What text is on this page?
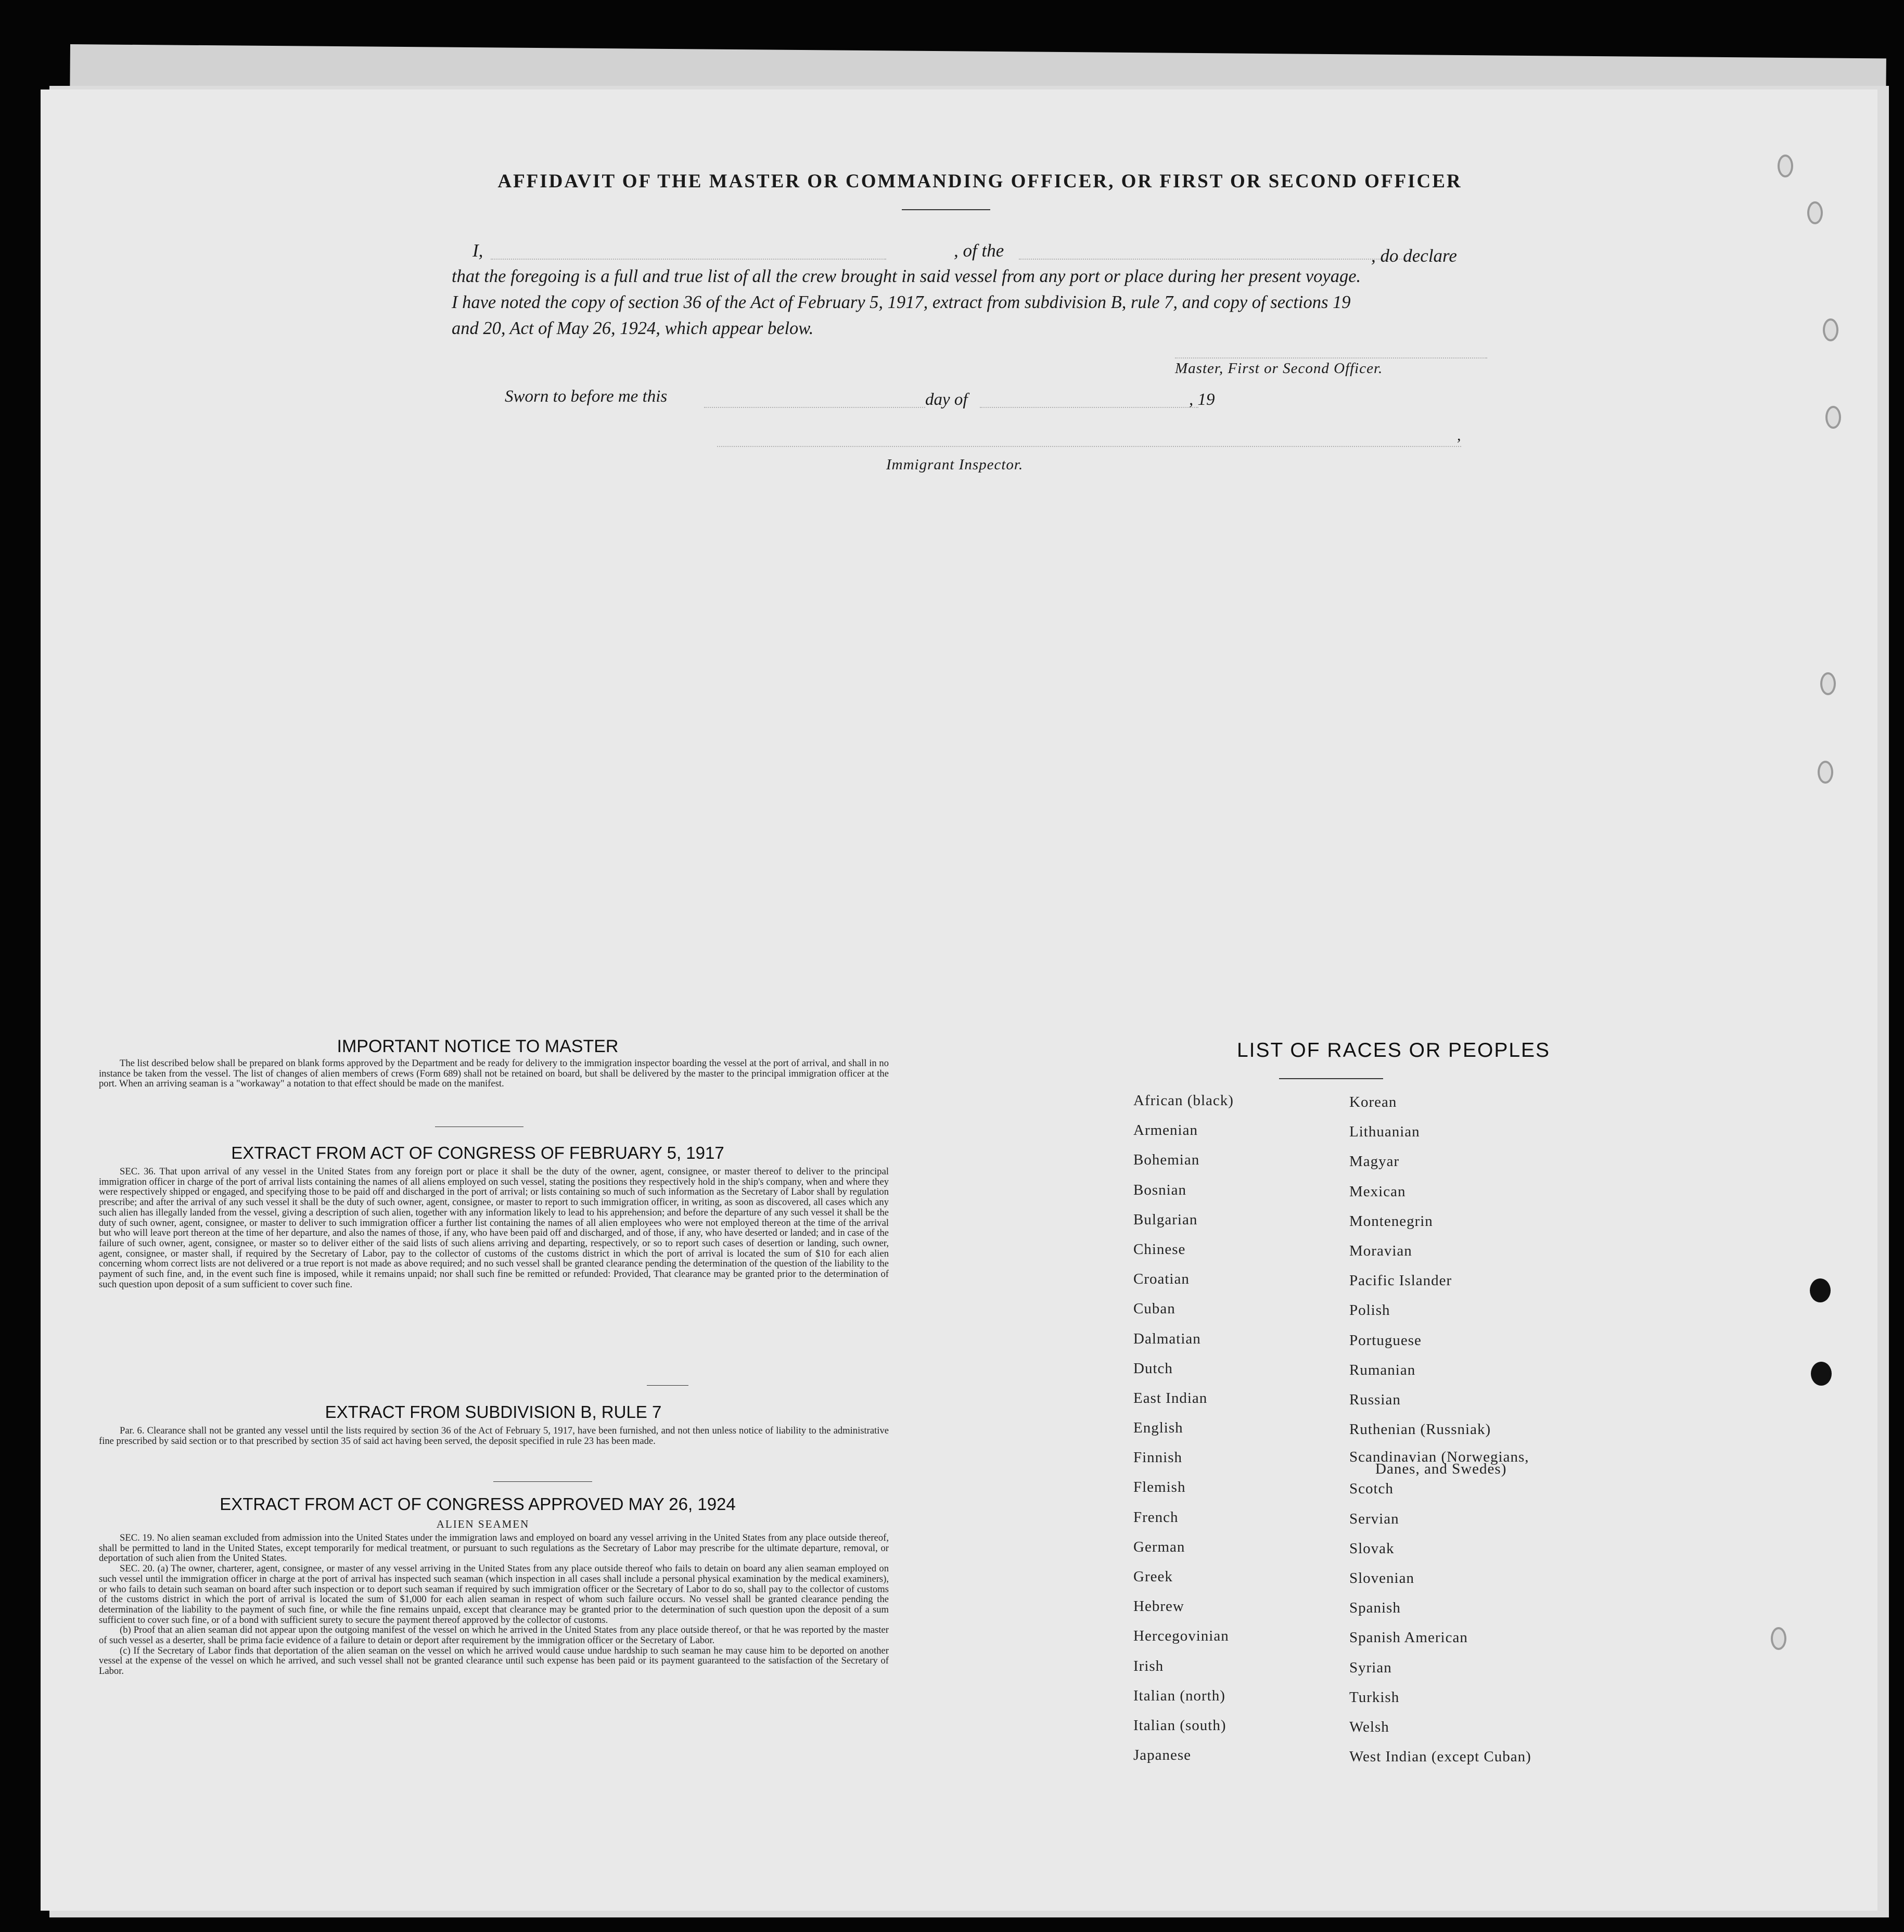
AFFIDAVIT OF THE MASTER OR COMMANDING OFFICER, OR FIRST OR SECOND OFFICER
I,	, of the	, do declare
that the foregoing is a full and true list of all the crew brought in said vessel from any port or place during her present voyage.
I have noted the copy of section 36 of the Act of February 5, 1917, extract from subdivision B, rule 7, and copy of sections 19
and 20, Act of May 26, 1924, which appear below.
Master, First or Second Officer.
Sworn to before me this	day of	, 19
,
Immigrant Inspector.
IMPORTANT NOTICE TO MASTER
The list described below shall be prepared on blank forms approved by the Department and be ready for delivery to the immigration inspector boarding the vessel at the port of arrival, and shall in no instance be taken from the vessel. The list of changes of alien members of crews (Form 689) shall not be retained on board, but shall be delivered by the master to the principal immigration officer at the port. When an arriving seaman is a "workaway" a notation to that effect should be made on the manifest.
EXTRACT FROM ACT OF CONGRESS OF FEBRUARY 5, 1917
SEC. 36. That upon arrival of any vessel in the United States from any foreign port or place it shall be the duty of the owner, agent, consignee, or master thereof to deliver to the principal immigration officer in charge of the port of arrival lists containing the names of all aliens employed on such vessel, stating the positions they respectively hold in the ship's company, when and where they were respectively shipped or engaged, and specifying those to be paid off and discharged in the port of arrival; or lists containing so much of such information as the Secretary of Labor shall by regulation prescribe; and after the arrival of any such vessel it shall be the duty of such owner, agent, consignee, or master to report to such immigration officer, in writing, as soon as discovered, all cases which any such alien has illegally landed from the vessel, giving a description of such alien, together with any information likely to lead to his apprehension; and before the departure of any such vessel it shall be the duty of such owner, agent, consignee, or master to deliver to such immigration officer a further list containing the names of all alien employees who were not employed thereon at the time of the arrival but who will leave port thereon at the time of her departure, and also the names of those, if any, who have been paid off and discharged, and of those, if any, who have deserted or landed; and in case of the failure of such owner, agent, consignee, or master so to deliver either of the said lists of such aliens arriving and departing, respectively, or so to report such cases of desertion or landing, such owner, agent, consignee, or master shall, if required by the Secretary of Labor, pay to the collector of customs of the customs district in which the port of arrival is located the sum of $10 for each alien concerning whom correct lists are not delivered or a true report is not made as above required; and no such vessel shall be granted clearance pending the determination of the question of the liability to the payment of such fine, and, in the event such fine is imposed, while it remains unpaid; nor shall such fine be remitted or refunded: Provided, That clearance may be granted prior to the determination of such question upon deposit of a sum sufficient to cover such fine.
EXTRACT FROM SUBDIVISION B, RULE 7
Par. 6. Clearance shall not be granted any vessel until the lists required by section 36 of the Act of February 5, 1917, have been furnished, and not then unless notice of liability to the administrative fine prescribed by said section or to that prescribed by section 35 of said act having been served, the deposit specified in rule 23 has been made.
EXTRACT FROM ACT OF CONGRESS APPROVED MAY 26, 1924
ALIEN SEAMEN
SEC. 19. No alien seaman excluded from admission into the United States under the immigration laws and employed on board any vessel arriving in the United States from any place outside thereof, shall be permitted to land in the United States, except temporarily for medical treatment, or pursuant to such regulations as the Secretary of Labor may prescribe for the ultimate departure, removal, or deportation of such alien from the United States.
SEC. 20. (a) The owner, charterer, agent, consignee, or master of any vessel arriving in the United States from any place outside thereof who fails to detain on board any alien seaman employed on such vessel until the immigration officer in charge at the port of arrival has inspected such seaman (which inspection in all cases shall include a personal physical examination by the medical examiners), or who fails to detain such seaman on board after such inspection or to deport such seaman if required by such immigration officer or the Secretary of Labor to do so, shall pay to the collector of customs of the customs district in which the port of arrival is located the sum of $1,000 for each alien seaman in respect of whom such failure occurs. No vessel shall be granted clearance pending the determination of the liability to the payment of such fine, or while the fine remains unpaid, except that clearance may be granted prior to the determination of such question upon the deposit of a sum sufficient to cover such fine, or of a bond with sufficient surety to secure the payment thereof approved by the collector of customs.
(b) Proof that an alien seaman did not appear upon the outgoing manifest of the vessel on which he arrived in the United States from any place outside thereof, or that he was reported by the master of such vessel as a deserter, shall be prima facie evidence of a failure to detain or deport after requirement by the immigration officer or the Secretary of Labor.
(c) If the Secretary of Labor finds that deportation of the alien seaman on the vessel on which he arrived would cause undue hardship to such seaman he may cause him to be deported on another vessel at the expense of the vessel on which he arrived, and such vessel shall not be granted clearance until such expense has been paid or its payment guaranteed to the satisfaction of the Secretary of Labor.
LIST OF RACES OR PEOPLES
African (black)
Armenian
Bohemian
Bosnian
Bulgarian
Chinese
Croatian
Cuban
Dalmatian
Dutch
East Indian
English
Finnish
Flemish
French
German
Greek
Hebrew
Hercegovinian
Irish
Italian (north)
Italian (south)
Japanese
Korean
Lithuanian
Magyar
Mexican
Montenegrin
Moravian
Pacific Islander
Polish
Portuguese
Rumanian
Russian
Ruthenian (Russniak)
Scandinavian (Norwegians,
Danes, and Swedes)
Scotch
Servian
Slovak
Slovenian
Spanish
Spanish American
Syrian
Turkish
Welsh
West Indian (except Cuban)
